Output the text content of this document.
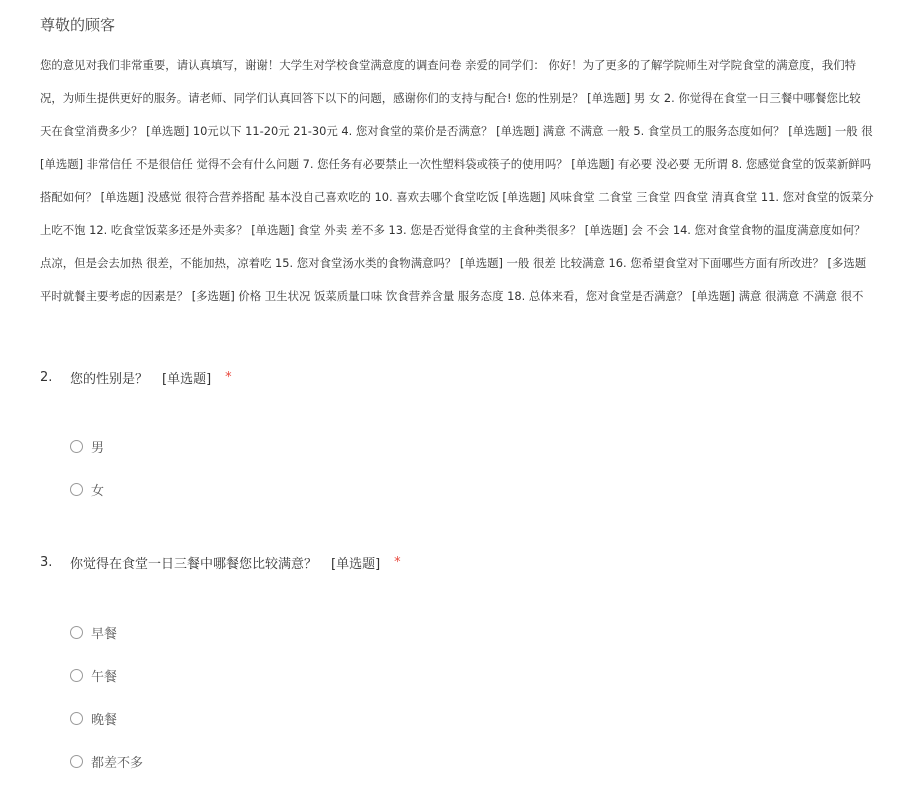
尊敬的顾客
您的意见对我们非常重要，请认真填写，谢谢！大学生对学校食堂满意度的调查问卷 亲爱的同学们： 你好！为了更多的了解学院师生对学院食堂的满意度，我们特
况，为师生提供更好的服务。请老师、同学们认真回答下以下的问题，感谢你们的支持与配合! 您的性别是？ [单选题] 男 女 2. 你觉得在食堂一日三餐中哪餐您比较
天在食堂消费多少？ [单选题] 10元以下 11-20元 21-30元 4. 您对食堂的菜价是否满意？ [单选题] 满意 不满意 一般 5. 食堂员工的服务态度如何？ [单选题] 一般 很
[单选题] 非常信任 不是很信任 觉得不会有什么问题 7. 您任务有必要禁止一次性塑料袋或筷子的使用吗？ [单选题] 有必要 没必要 无所谓 8. 您感觉食堂的饭菜新鲜吗
搭配如何？ [单选题] 没感觉 很符合营养搭配 基本没自己喜欢吃的 10. 喜欢去哪个食堂吃饭 [单选题] 风味食堂 二食堂 三食堂 四食堂 清真食堂 11. 您对食堂的饭菜分
上吃不饱 12. 吃食堂饭菜多还是外卖多？ [单选题] 食堂 外卖 差不多 13. 您是否觉得食堂的主食种类很多？ [单选题] 会 不会 14. 您对食堂食物的温度满意度如何？
点凉，但是会去加热 很差，不能加热，凉着吃 15. 您对食堂汤水类的食物满意吗？ [单选题] 一般 很差 比较满意 16. 您希望食堂对下面哪些方面有所改进？ [多选题
平时就餐主要考虑的因素是？ [多选题] 价格 卫生状况 饭菜质量口味 饮食营养含量 服务态度 18. 总体来看，您对食堂是否满意？ [单选题] 满意 很满意 不满意 很不
2.	您的性别是？ [单选题] *
男
女
3.	你觉得在食堂一日三餐中哪餐您比较满意？ [单选题] *
早餐
午餐
晚餐
都差不多
